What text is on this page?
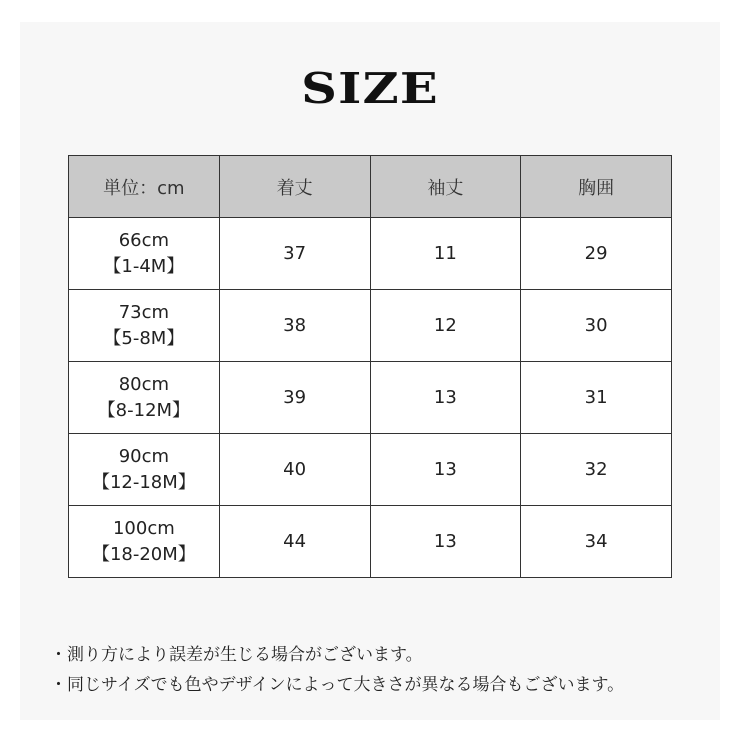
SIZE
単位：cm	着丈	袖丈	胸囲

66cm
【1-4M】	37	11	29

73cm
【5-8M】	38	12	30

80cm
【8-12M】	39	13	31

90cm
【12-18M】	40	13	32

100cm
【18-20M】	44	13	34
・測り方により誤差が生じる場合がございます。
・同じサイズでも色やデザインによって大きさが異なる場合もございます。
